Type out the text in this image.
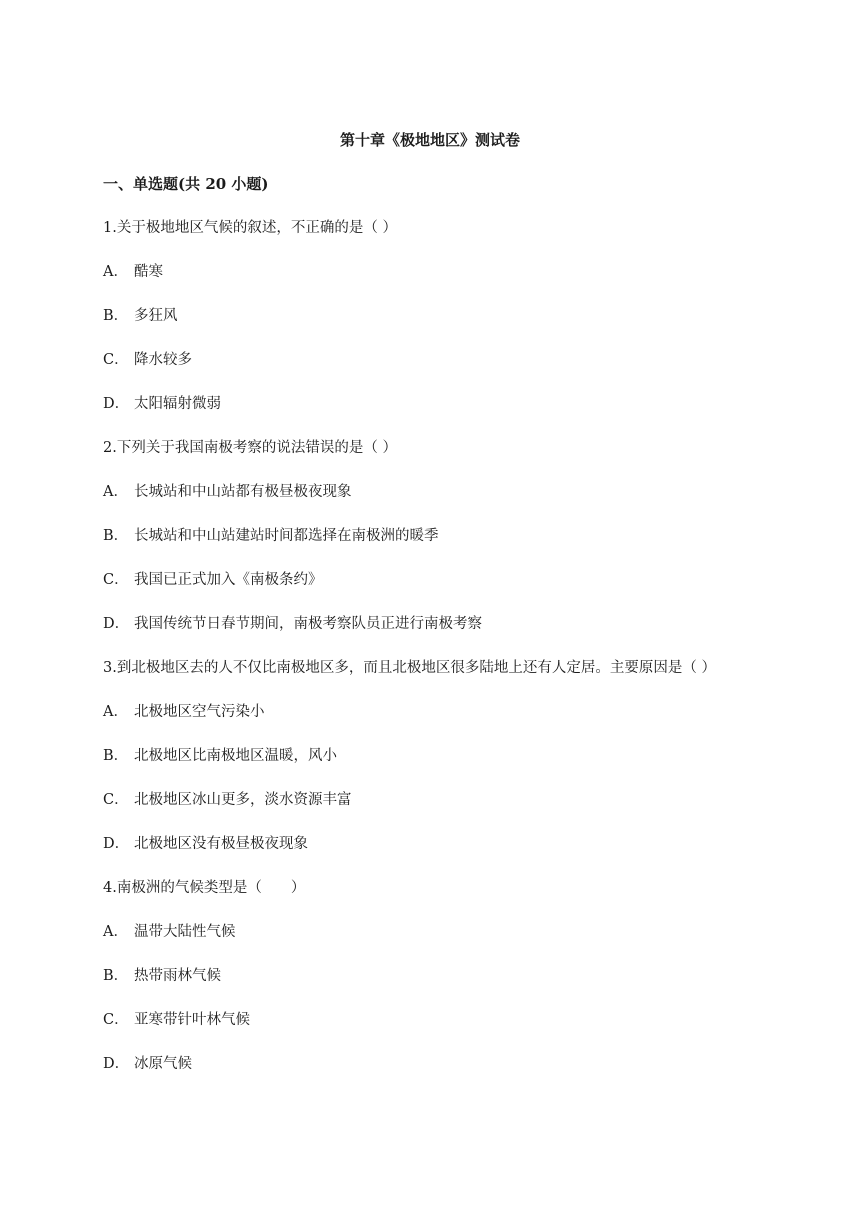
第十章《极地地区》测试卷
一、单选题(共 20 小题)
1.关于极地地区气候的叙述，不正确的是（ ）
A． 酷寒
B． 多狂风
C． 降水较多
D． 太阳辐射微弱
2.下列关于我国南极考察的说法错误的是（ ）
A． 长城站和中山站都有极昼极夜现象
B． 长城站和中山站建站时间都选择在南极洲的暖季
C． 我国已正式加入《南极条约》
D． 我国传统节日春节期间，南极考察队员正进行南极考察
3.到北极地区去的人不仅比南极地区多，而且北极地区很多陆地上还有人定居。主要原因是（ ）
A． 北极地区空气污染小
B． 北极地区比南极地区温暖，风小
C． 北极地区冰山更多，淡水资源丰富
D． 北极地区没有极昼极夜现象
4.南极洲的气候类型是（　　）
A． 温带大陆性气候
B． 热带雨林气候
C． 亚寒带针叶林气候
D． 冰原气候
